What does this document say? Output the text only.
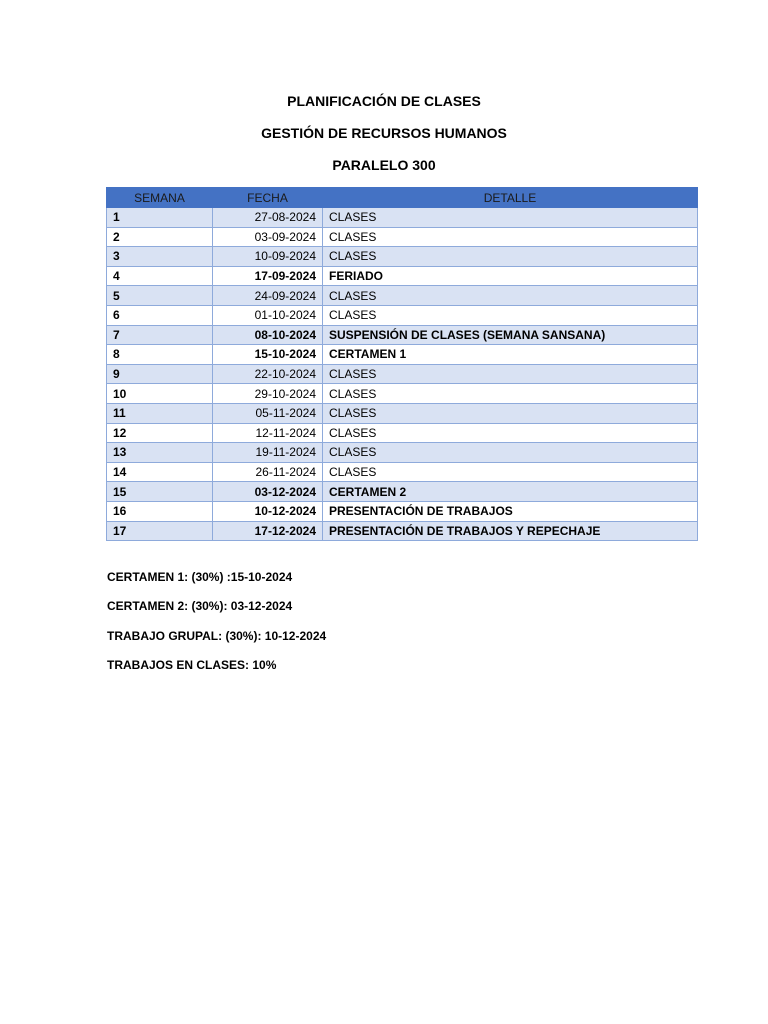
PLANIFICACIÓN DE CLASES

GESTIÓN DE RECURSOS HUMANOS

PARALELO 300

SEMANA	FECHA	DETALLE
1	27-08-2024	CLASES
2	03-09-2024	CLASES
3	10-09-2024	CLASES
4	17-09-2024	FERIADO
5	24-09-2024	CLASES
6	01-10-2024	CLASES
7	08-10-2024	SUSPENSIÓN DE CLASES (SEMANA SANSANA)
8	15-10-2024	CERTAMEN 1
9	22-10-2024	CLASES
10	29-10-2024	CLASES
11	05-11-2024	CLASES
12	12-11-2024	CLASES
13	19-11-2024	CLASES
14	26-11-2024	CLASES
15	03-12-2024	CERTAMEN 2
16	10-12-2024	PRESENTACIÓN DE TRABAJOS
17	17-12-2024	PRESENTACIÓN DE TRABAJOS Y REPECHAJE
CERTAMEN 1: (30%) :15-10-2024
CERTAMEN 2: (30%): 03-12-2024
TRABAJO GRUPAL: (30%): 10-12-2024
TRABAJOS EN CLASES: 10%
